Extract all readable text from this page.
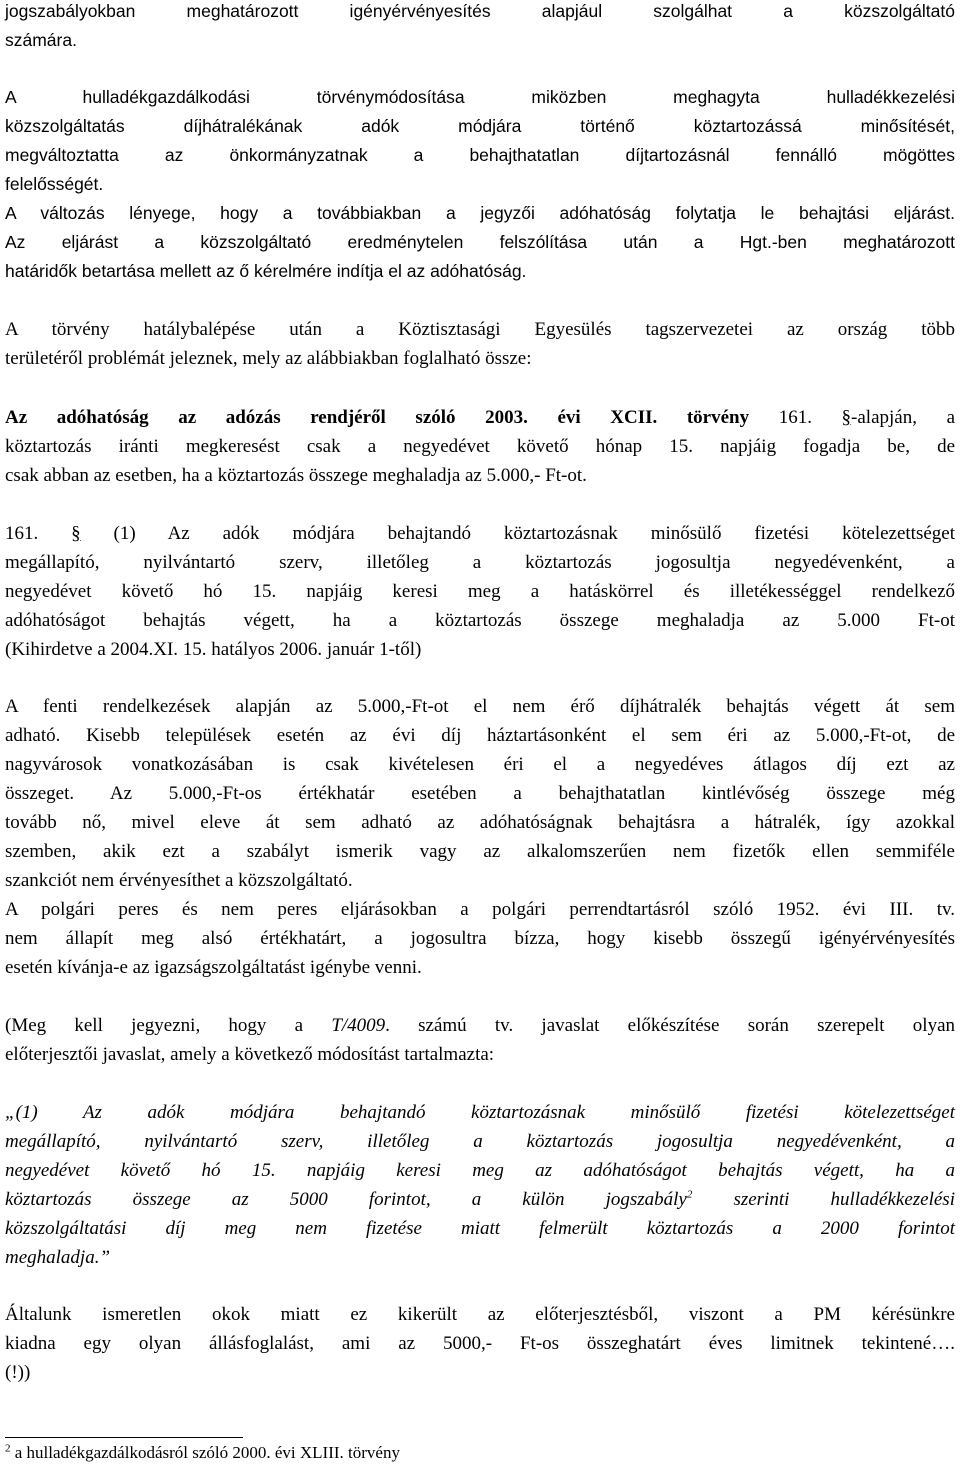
jogszabályokban meghatározott igényérvényesítés alapjául szolgálhat a közszolgáltató
számára.

A hulladékgazdálkodási törvénymódosítása miközben meghagyta hulladékkezelési
közszolgáltatás díjhátralékának adók módjára történő köztartozássá minősítését,
megváltoztatta az önkormányzatnak a behajthatatlan díjtartozásnál fennálló mögöttes
felelősségét.

A változás lényege, hogy a továbbiakban a jegyzői adóhatóság folytatja le behajtási eljárást.
Az eljárást a közszolgáltató eredménytelen felszólítása után a Hgt.-ben meghatározott
határidők betartása mellett az ő kérelmére indítja el az adóhatóság.

A törvény hatálybalépése után a Köztisztasági Egyesülés tagszervezetei az ország több
területéről problémát jeleznek, mely az alábbiakban foglalható össze:

Az adóhatóság az adózás rendjéről szóló 2003. évi XCII. törvény 161. §-alapján, a
köztartozás iránti megkeresést csak a negyedévet követő hónap 15. napjáig fogadja be, de
csak abban az esetben, ha a köztartozás összege meghaladja az 5.000,- Ft-ot.

161. § (1) Az adók módjára behajtandó köztartozásnak minősülő fizetési kötelezettséget
megállapító, nyilvántartó szerv, illetőleg a köztartozás jogosultja negyedévenként, a
negyedévet követő hó 15. napjáig keresi meg a hatáskörrel és illetékességgel rendelkező
adóhatóságot behajtás végett, ha a köztartozás összege meghaladja az 5.000 Ft-ot
(Kihirdetve a 2004.XI. 15. hatályos 2006. január 1-től)

A fenti rendelkezések alapján az 5.000,-Ft-ot el nem érő díjhátralék behajtás végett át sem
adható. Kisebb települések esetén az évi díj háztartásonként el sem éri az 5.000,-Ft-ot, de
nagyvárosok vonatkozásában is csak kivételesen éri el a negyedéves átlagos díj ezt az
összeget. Az 5.000,-Ft-os értékhatár esetében a behajthatatlan kintlévőség összege még
tovább nő, mivel eleve át sem adható az adóhatóságnak behajtásra a hátralék, így azokkal
szemben, akik ezt a szabályt ismerik vagy az alkalomszerűen nem fizetők ellen semmiféle
szankciót nem érvényesíthet a közszolgáltató.

A polgári peres és nem peres eljárásokban a polgári perrendtartásról szóló 1952. évi III. tv.
nem állapít meg alsó értékhatárt, a jogosultra bízza, hogy kisebb összegű igényérvényesítés
esetén kívánja-e az igazságszolgáltatást igénybe venni.

(Meg kell jegyezni, hogy a T/4009. számú tv. javaslat előkészítése során szerepelt olyan
előterjesztői javaslat, amely a következő módosítást tartalmazta:

„(1) Az adók módjára behajtandó köztartozásnak minősülő fizetési kötelezettséget
megállapító, nyilvántartó szerv, illetőleg a köztartozás jogosultja negyedévenként, a
negyedévet követő hó 15. napjáig keresi meg az adóhatóságot behajtás végett, ha a
köztartozás összege az 5000 forintot, a külön jogszabály$^2$ szerinti hulladékkezelési
közszolgáltatási díj meg nem fizetése miatt felmerült köztartozás a 2000 forintot
meghaladja.”

Általunk ismeretlen okok miatt ez kikerült az előterjesztésből, viszont a PM kérésünkre
kiadna egy olyan állásfoglalást, ami az 5000,- Ft-os összeghatárt éves limitnek tekintené….
(!))

$^2$ a hulladékgazdálkodásról szóló 2000. évi XLIII. törvény
